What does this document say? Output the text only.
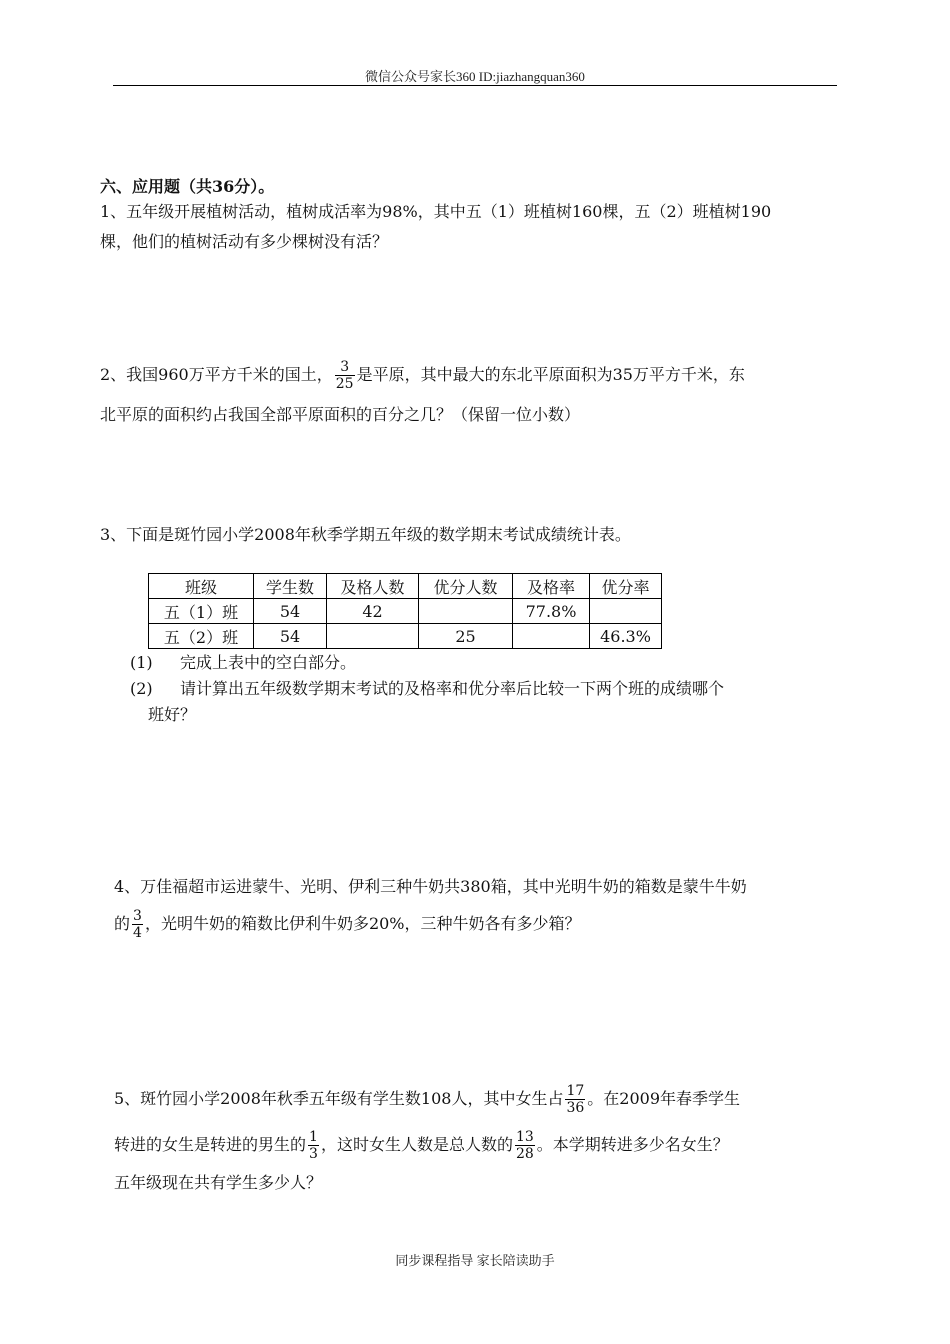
微信公众号家长360 ID:jiazhangquan360
六、应用题（共36分）。
1、五年级开展植树活动，植树成活率为98%，其中五（1）班植树160棵，五（2）班植树190
棵，他们的植树活动有多少棵树没有活？
2、我国960万平方千米的国土， $\frac{3}{25}$ 是平原，其中最大的东北平原面积为35万平方千米，东
北平原的面积约占我国全部平原面积的百分之几？（保留一位小数）
3、下面是斑竹园小学2008年秋季学期五年级的数学期末考试成绩统计表。
班级	学生数	及格人数	优分人数	及格率	优分率
五（1）班	54	42		77.8%	
五（2）班	54		25		46.3%
(1) 完成上表中的空白部分。
(2) 请计算出五年级数学期末考试的及格率和优分率后比较一下两个班的成绩哪个
班好？
4、万佳福超市运进蒙牛、光明、伊利三种牛奶共380箱，其中光明牛奶的箱数是蒙牛牛奶
的 $\frac{3}{4}$ ，光明牛奶的箱数比伊利牛奶多20%，三种牛奶各有多少箱？
5、斑竹园小学2008年秋季五年级有学生数108人，其中女生占 $\frac{17}{36}$ 。在2009年春季学生
转进的女生是转进的男生的 $\frac{1}{3}$ ，这时女生人数是总人数的 $\frac{13}{28}$ 。本学期转进多少名女生？
五年级现在共有学生多少人？
同步课程指导 家长陪读助手
